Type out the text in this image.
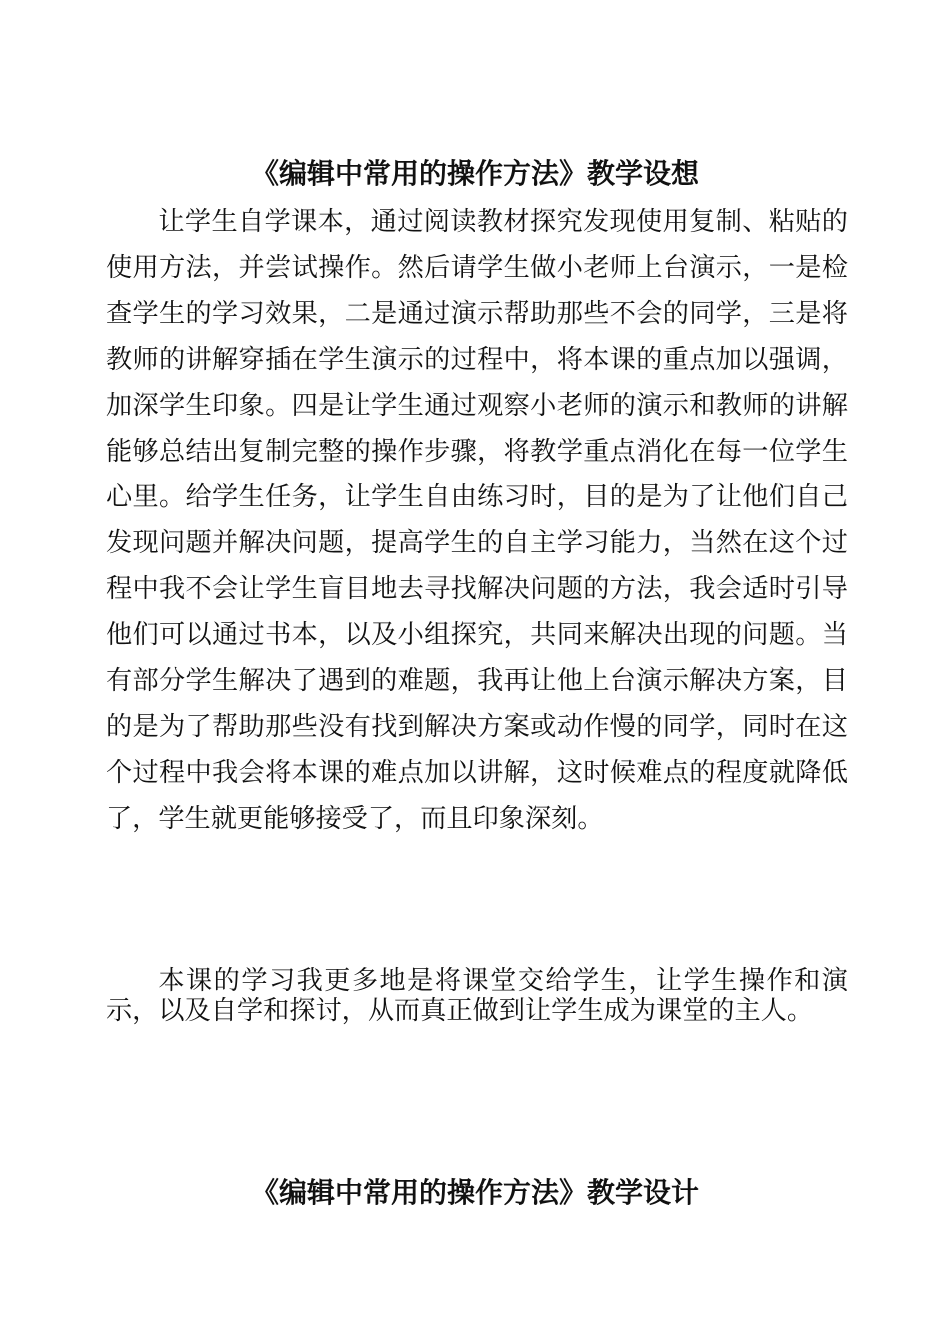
《编辑中常用的操作方法》教学设想

让学生自学课本，通过阅读教材探究发现使用复制、粘贴的使用方法，并尝试操作。然后请学生做小老师上台演示，一是检查学生的学习效果，二是通过演示帮助那些不会的同学，三是将教师的讲解穿插在学生演示的过程中，将本课的重点加以强调，加深学生印象。四是让学生通过观察小老师的演示和教师的讲解能够总结出复制完整的操作步骤，将教学重点消化在每一位学生心里。给学生任务，让学生自由练习时，目的是为了让他们自己发现问题并解决问题，提高学生的自主学习能力，当然在这个过程中我不会让学生盲目地去寻找解决问题的方法，我会适时引导他们可以通过书本，以及小组探究，共同来解决出现的问题。当有部分学生解决了遇到的难题，我再让他上台演示解决方案，目的是为了帮助那些没有找到解决方案或动作慢的同学，同时在这个过程中我会将本课的难点加以讲解，这时候难点的程度就降低了，学生就更能够接受了，而且印象深刻。

本课的学习我更多地是将课堂交给学生，让学生操作和演示，以及自学和探讨，从而真正做到让学生成为课堂的主人。

《编辑中常用的操作方法》教学设计
